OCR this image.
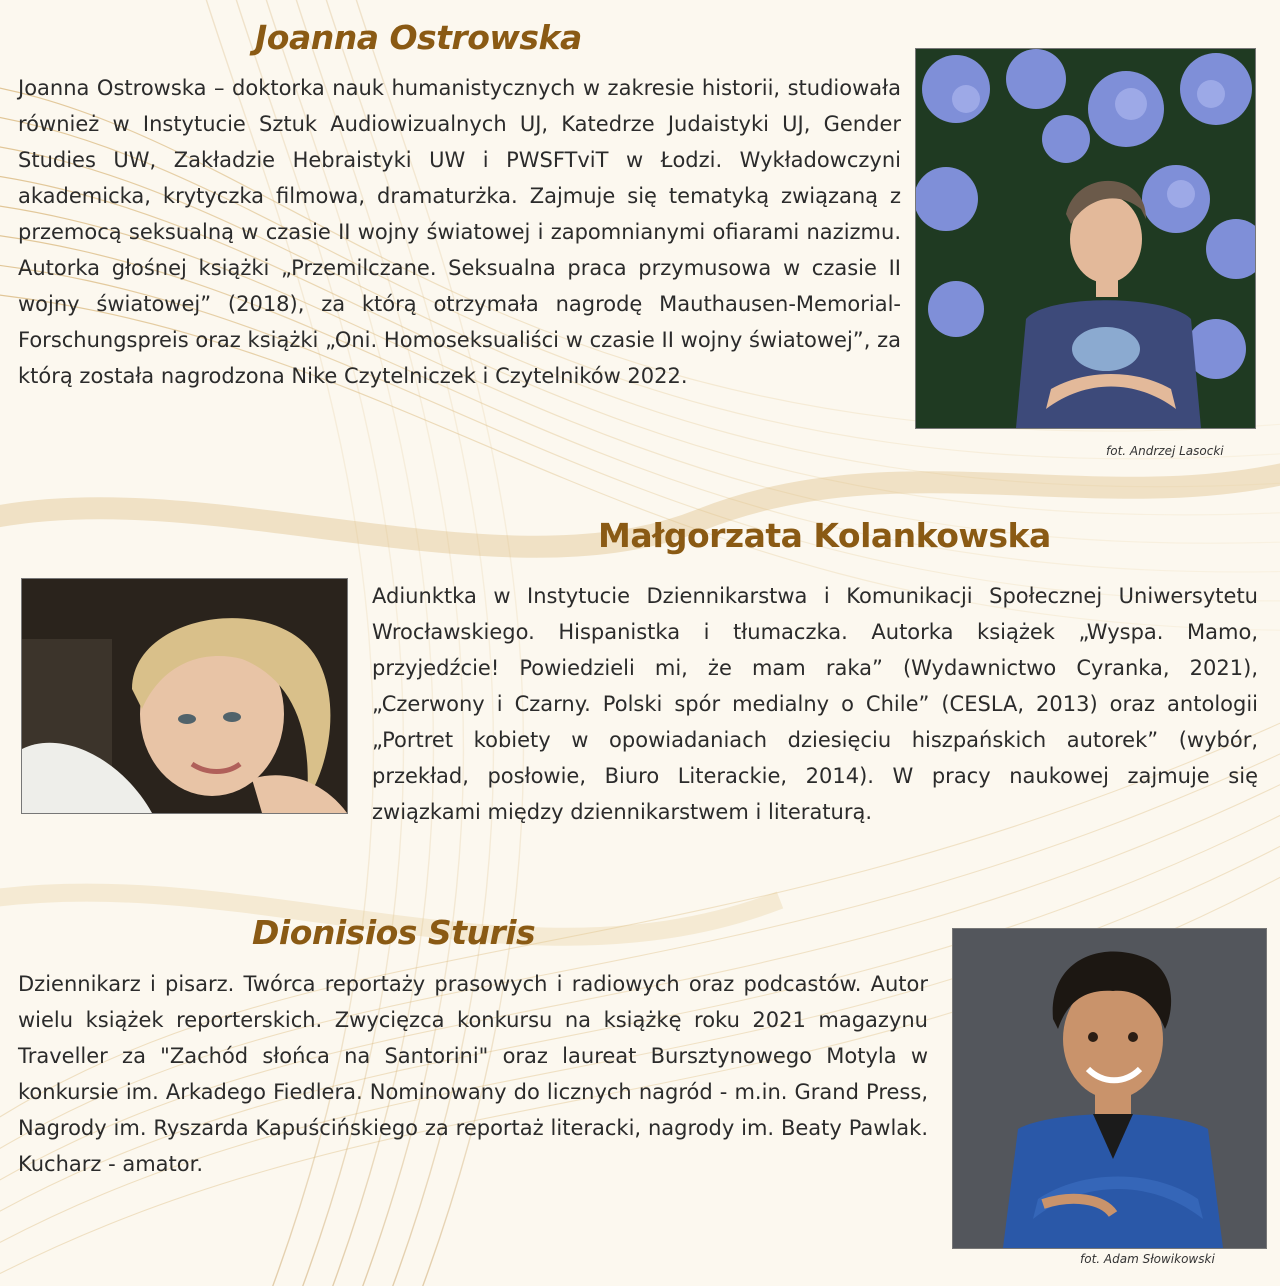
Joanna Ostrowska

Joanna Ostrowska – doktorka nauk humanistycznych w zakresie historii, studiowała również w Instytucie Sztuk Audiowizualnych UJ, Katedrze Judaistyki UJ, Gender Studies UW, Zakładzie Hebraistyki UW i PWSFTviT w Łodzi. Wykładowczyni akademicka, krytyczka filmowa, dramaturżka. Zajmuje się tematyką związaną z przemocą seksualną w czasie II wojny światowej i zapomnianymi ofiarami nazizmu. Autorka głośnej książki „Przemilczane. Seksualna praca przymusowa w czasie II wojny światowej” (2018), za którą otrzymała nagrodę Mauthausen-Memorial-Forschungspreis oraz książki „Oni. Homoseksualiści w czasie II wojny światowej”, za którą została nagrodzona Nike Czytelniczek i Czytelników 2022.

fot. Andrzej Lasocki
Małgorzata Kolankowska

Adiunktka w Instytucie Dziennikarstwa i Komunikacji Społecznej Uniwersytetu Wrocławskiego. Hispanistka i tłumaczka. Autorka książek „Wyspa. Mamo, przyjedźcie! Powiedzieli mi, że mam raka” (Wydawnictwo Cyranka, 2021), „Czerwony i Czarny. Polski spór medialny o Chile” (CESLA, 2013) oraz antologii „Portret kobiety w opowiadaniach dziesięciu hiszpańskich autorek” (wybór, przekład, posłowie, Biuro Literackie, 2014). W pracy naukowej zajmuje się związkami między dziennikarstwem i literaturą.

Dionisios Sturis

Dziennikarz i pisarz. Twórca reportaży prasowych i radiowych oraz podcastów. Autor wielu książek reporterskich. Zwycięzca konkursu na książkę roku 2021 magazynu Traveller za "Zachód słońca na Santorini" oraz laureat Bursztynowego Motyla w konkursie im. Arkadego Fiedlera. Nominowany do licznych nagród - m.in. Grand Press, Nagrody im. Ryszarda Kapuścińskiego za reportaż literacki, nagrody im. Beaty Pawlak. Kucharz - amator.

fot. Adam Słowikowski
